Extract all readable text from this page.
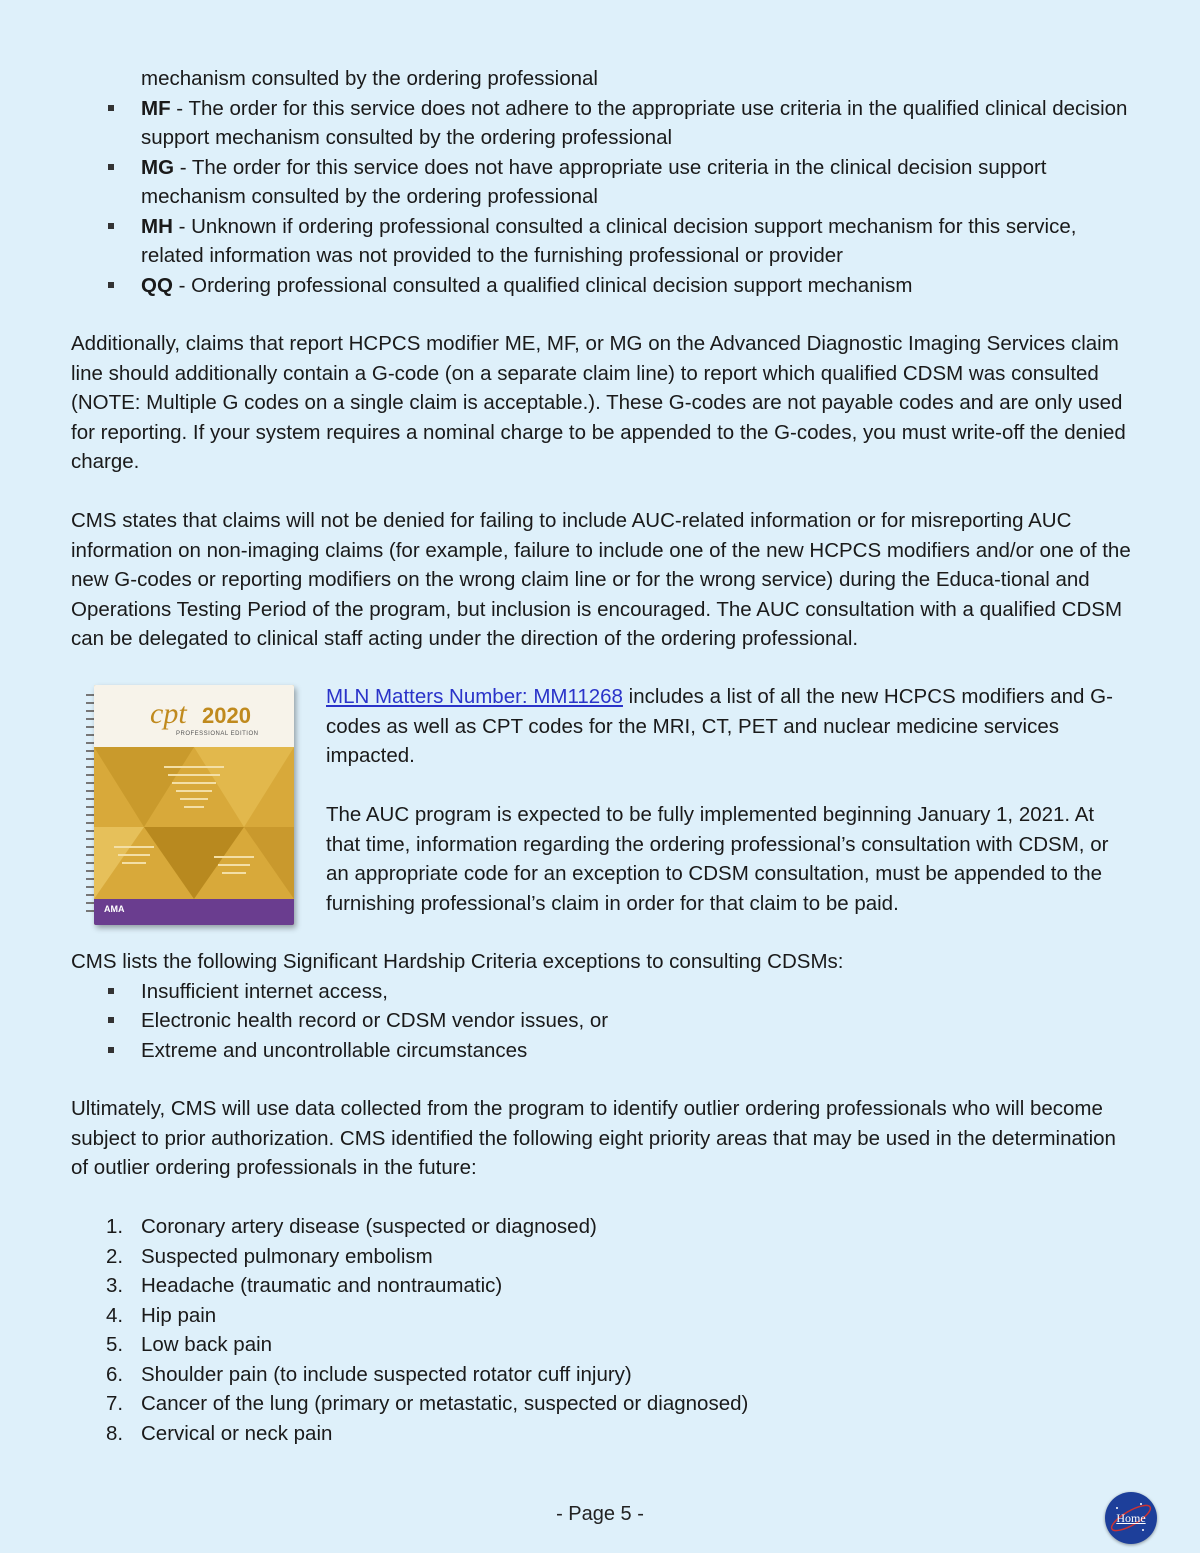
mechanism consulted by the ordering professional

MF - The order for this service does not adhere to the appropriate use criteria in the qualified clinical decision support mechanism consulted by the ordering professional
MG - The order for this service does not have appropriate use criteria in the clinical decision support mechanism consulted by the ordering professional
MH - Unknown if ordering professional consulted a clinical decision support mechanism for this service, related information was not provided to the furnishing professional or provider
QQ - Ordering professional consulted a qualified clinical decision support mechanism

Additionally, claims that report HCPCS modifier ME, MF, or MG on the Advanced Diagnostic Imaging Services claim line should additionally contain a G-code (on a separate claim line) to report which qualified CDSM was consulted (NOTE: Multiple G codes on a single claim is acceptable.). These G-codes are not payable codes and are only used for reporting. If your system requires a nominal charge to be appended to the G-codes, you must write-off the denied charge.

CMS states that claims will not be denied for failing to include AUC-related information or for misreporting AUC information on non-imaging claims (for example, failure to include one of the new HCPCS modifiers and/or one of the new G-codes or reporting modifiers on the wrong claim line or for the wrong service) during the Educa-tional and Operations Testing Period of the program, but inclusion is encouraged. The AUC consultation with a qualified CDSM can be delegated to clinical staff acting under the direction of the ordering professional.

cpt 2020
PROFESSIONAL EDITION
AMA

MLN Matters Number: MM11268 includes a list of all the new HCPCS modifiers and G-codes as well as CPT codes for the MRI, CT, PET and nuclear medicine services impacted.

The AUC program is expected to be fully implemented beginning January 1, 2021. At that time, information regarding the ordering professional’s consultation with CDSM, or an appropriate code for an exception to CDSM consultation, must be appended to the furnishing professional’s claim in order for that claim to be paid.

CMS lists the following Significant Hardship Criteria exceptions to consulting CDSMs:

Insufficient internet access,
Electronic health record or CDSM vendor issues, or
Extreme and uncontrollable circumstances

Ultimately, CMS will use data collected from the program to identify outlier ordering professionals who will become subject to prior authorization. CMS identified the following eight priority areas that may be used in the determination of outlier ordering professionals in the future:

1. Coronary artery disease (suspected or diagnosed)
2. Suspected pulmonary embolism
3. Headache (traumatic and nontraumatic)
4. Hip pain
5. Low back pain
6. Shoulder pain (to include suspected rotator cuff injury)
7. Cancer of the lung (primary or metastatic, suspected or diagnosed)
8. Cervical or neck pain
- Page 5 -	Home
